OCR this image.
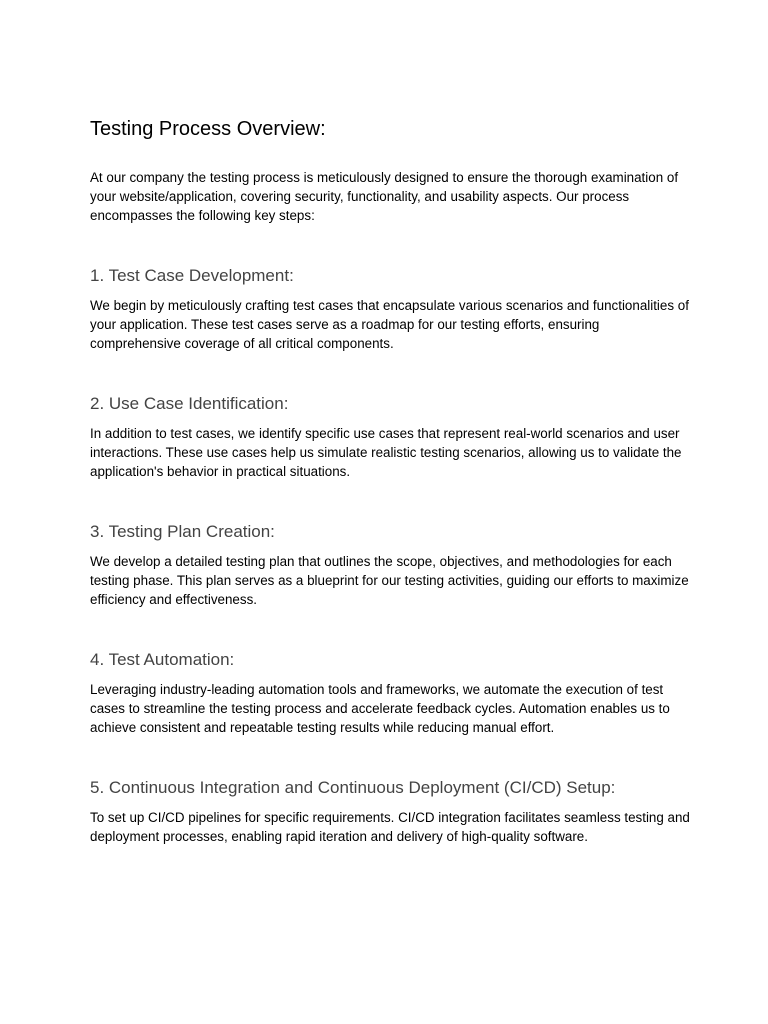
Testing Process Overview:

At our company the testing process is meticulously designed to ensure the thorough examination of your website/application, covering security, functionality, and usability aspects. Our process encompasses the following key steps:

1. Test Case Development:

We begin by meticulously crafting test cases that encapsulate various scenarios and functionalities of your application. These test cases serve as a roadmap for our testing efforts, ensuring comprehensive coverage of all critical components.

2. Use Case Identification:

In addition to test cases, we identify specific use cases that represent real-world scenarios and user interactions. These use cases help us simulate realistic testing scenarios, allowing us to validate the application's behavior in practical situations.

3. Testing Plan Creation:

We develop a detailed testing plan that outlines the scope, objectives, and methodologies for each testing phase. This plan serves as a blueprint for our testing activities, guiding our efforts to maximize efficiency and effectiveness.

4. Test Automation:

Leveraging industry-leading automation tools and frameworks, we automate the execution of test cases to streamline the testing process and accelerate feedback cycles. Automation enables us to achieve consistent and repeatable testing results while reducing manual effort.

5. Continuous Integration and Continuous Deployment (CI/CD) Setup:

To set up CI/CD pipelines for specific requirements. CI/CD integration facilitates seamless testing and deployment processes, enabling rapid iteration and delivery of high-quality software.
